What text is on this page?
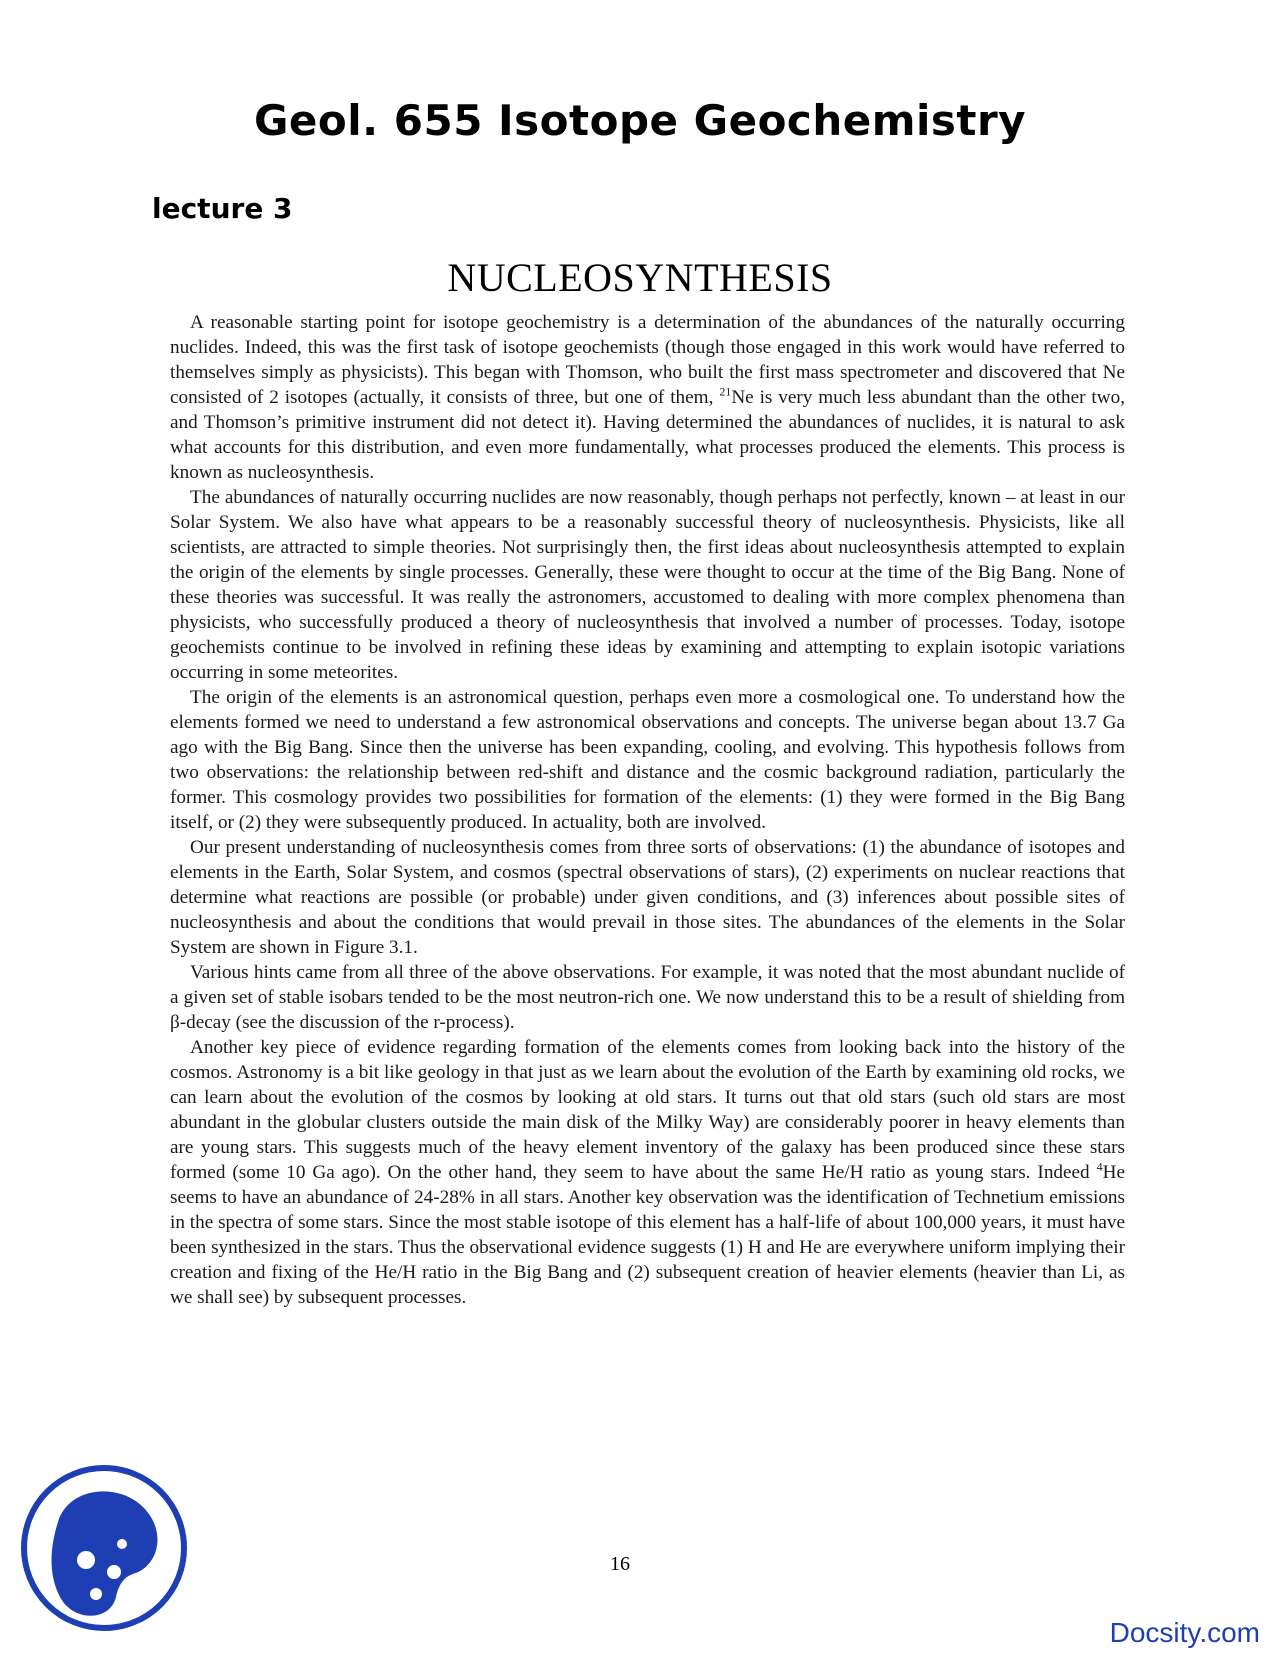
Geol. 655 Isotope Geochemistry
lecture 3
NUCLEOSYNTHESIS

A reasonable starting point for isotope geochemistry is a determination of the abundances of the naturally occurring nuclides. Indeed, this was the first task of isotope geochemists (though those engaged in this work would have referred to themselves simply as physicists). This began with Thomson, who built the first mass spectrometer and discovered that Ne consisted of 2 isotopes (actually, it consists of three, but one of them, $^{21}$Ne is very much less abundant than the other two, and Thomson’s primitive instrument did not detect it). Having determined the abundances of nuclides, it is natural to ask what accounts for this distribution, and even more fundamentally, what processes produced the elements. This process is known as nucleosynthesis.

The abundances of naturally occurring nuclides are now reasonably, though perhaps not perfectly, known – at least in our Solar System. We also have what appears to be a reasonably successful theory of nucleosynthesis. Physicists, like all scientists, are attracted to simple theories. Not surprisingly then, the first ideas about nucleosynthesis attempted to explain the origin of the elements by single processes. Generally, these were thought to occur at the time of the Big Bang. None of these theories was successful. It was really the astronomers, accustomed to dealing with more complex phenomena than physicists, who successfully produced a theory of nucleosynthesis that involved a number of processes. Today, isotope geochemists continue to be involved in refining these ideas by examining and attempting to explain isotopic variations occurring in some meteorites.

The origin of the elements is an astronomical question, perhaps even more a cosmological one. To understand how the elements formed we need to understand a few astronomical observations and concepts. The universe began about 13.7 Ga ago with the Big Bang. Since then the universe has been expanding, cooling, and evolving. This hypothesis follows from two observations: the relationship between red-shift and distance and the cosmic background radiation, particularly the former. This cosmology provides two possibilities for formation of the elements: (1) they were formed in the Big Bang itself, or (2) they were subsequently produced. In actuality, both are involved.

Our present understanding of nucleosynthesis comes from three sorts of observations: (1) the abundance of isotopes and elements in the Earth, Solar System, and cosmos (spectral observations of stars), (2) experiments on nuclear reactions that determine what reactions are possible (or probable) under given conditions, and (3) inferences about possible sites of nucleosynthesis and about the conditions that would prevail in those sites. The abundances of the elements in the Solar System are shown in Figure 3.1.

Various hints came from all three of the above observations. For example, it was noted that the most abundant nuclide of a given set of stable isobars tended to be the most neutron-rich one. We now understand this to be a result of shielding from β-decay (see the discussion of the r-process).

Another key piece of evidence regarding formation of the elements comes from looking back into the history of the cosmos. Astronomy is a bit like geology in that just as we learn about the evolution of the Earth by examining old rocks, we can learn about the evolution of the cosmos by looking at old stars. It turns out that old stars (such old stars are most abundant in the globular clusters outside the main disk of the Milky Way) are considerably poorer in heavy elements than are young stars. This suggests much of the heavy element inventory of the galaxy has been produced since these stars formed (some 10 Ga ago). On the other hand, they seem to have about the same He/H ratio as young stars. Indeed $^4$He seems to have an abundance of 24-28% in all stars. Another key observation was the identification of Technetium emissions in the spectra of some stars. Since the most stable isotope of this element has a half-life of about 100,000 years, it must have been synthesized in the stars. Thus the observational evidence suggests (1) H and He are everywhere uniform implying their creation and fixing of the He/H ratio in the Big Bang and (2) subsequent creation of heavier elements (heavier than Li, as we shall see) by subsequent processes.

16
Docsity.com
